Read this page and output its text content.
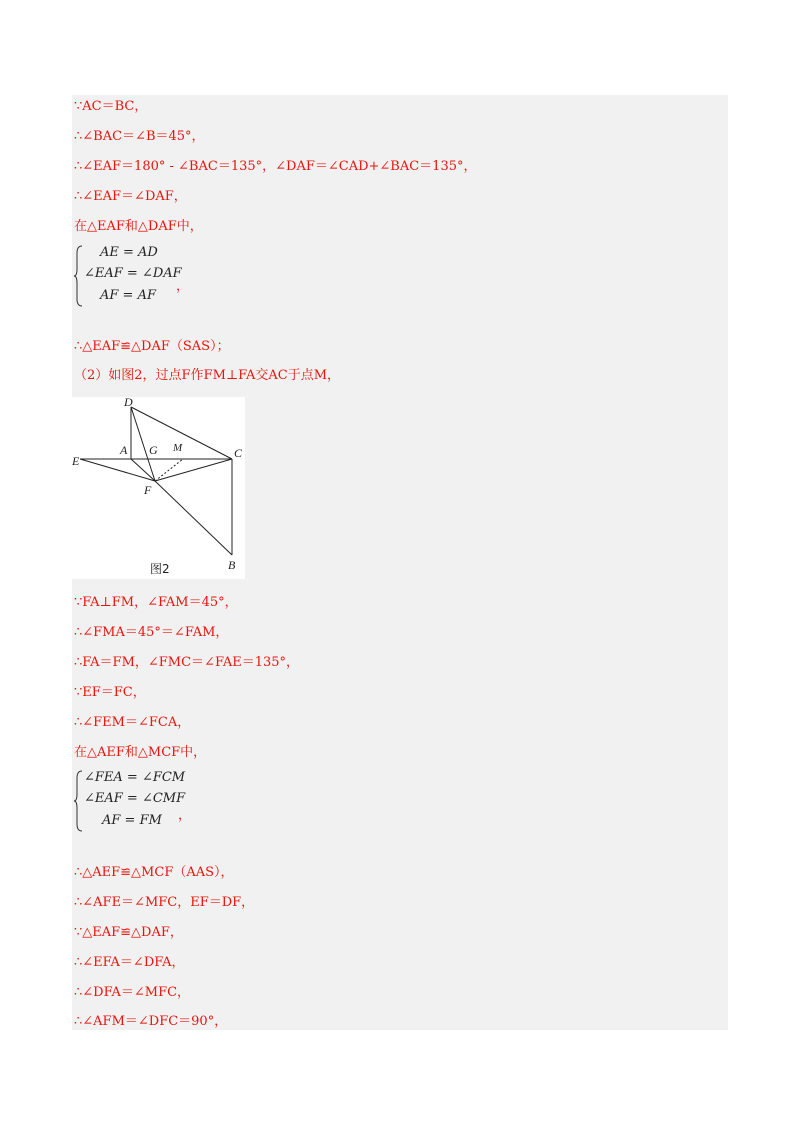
∵AC＝BC，
∴∠BAC＝∠B＝45°，
∴∠EAF＝180° - ∠BAC＝135°，∠DAF＝∠CAD+∠BAC＝135°，
∴∠EAF＝∠DAF，
在△EAF和△DAF中，
AE = AD
∠EAF = ∠DAF
AF = AF
，
∴△EAF≌△DAF（SAS）；
（2）如图2，过点F作FM⊥FA交AC于点M，
D
A G M	C
E
F
B
图2
∵FA⊥FM，∠FAM＝45°，
∴∠FMA＝45°＝∠FAM，
∴FA＝FM，∠FMC＝∠FAE＝135°，
∵EF＝FC，
∴∠FEM＝∠FCA，
在△AEF和△MCF中，
∠FEA = ∠FCM
∠EAF = ∠CMF
AF = FM ，
∴△AEF≌△MCF（AAS），
∴∠AFE＝∠MFC，EF＝DF，
∵△EAF≌△DAF，
∴∠EFA＝∠DFA，
∴∠DFA＝∠MFC，
∴∠AFM＝∠DFC＝90°，
